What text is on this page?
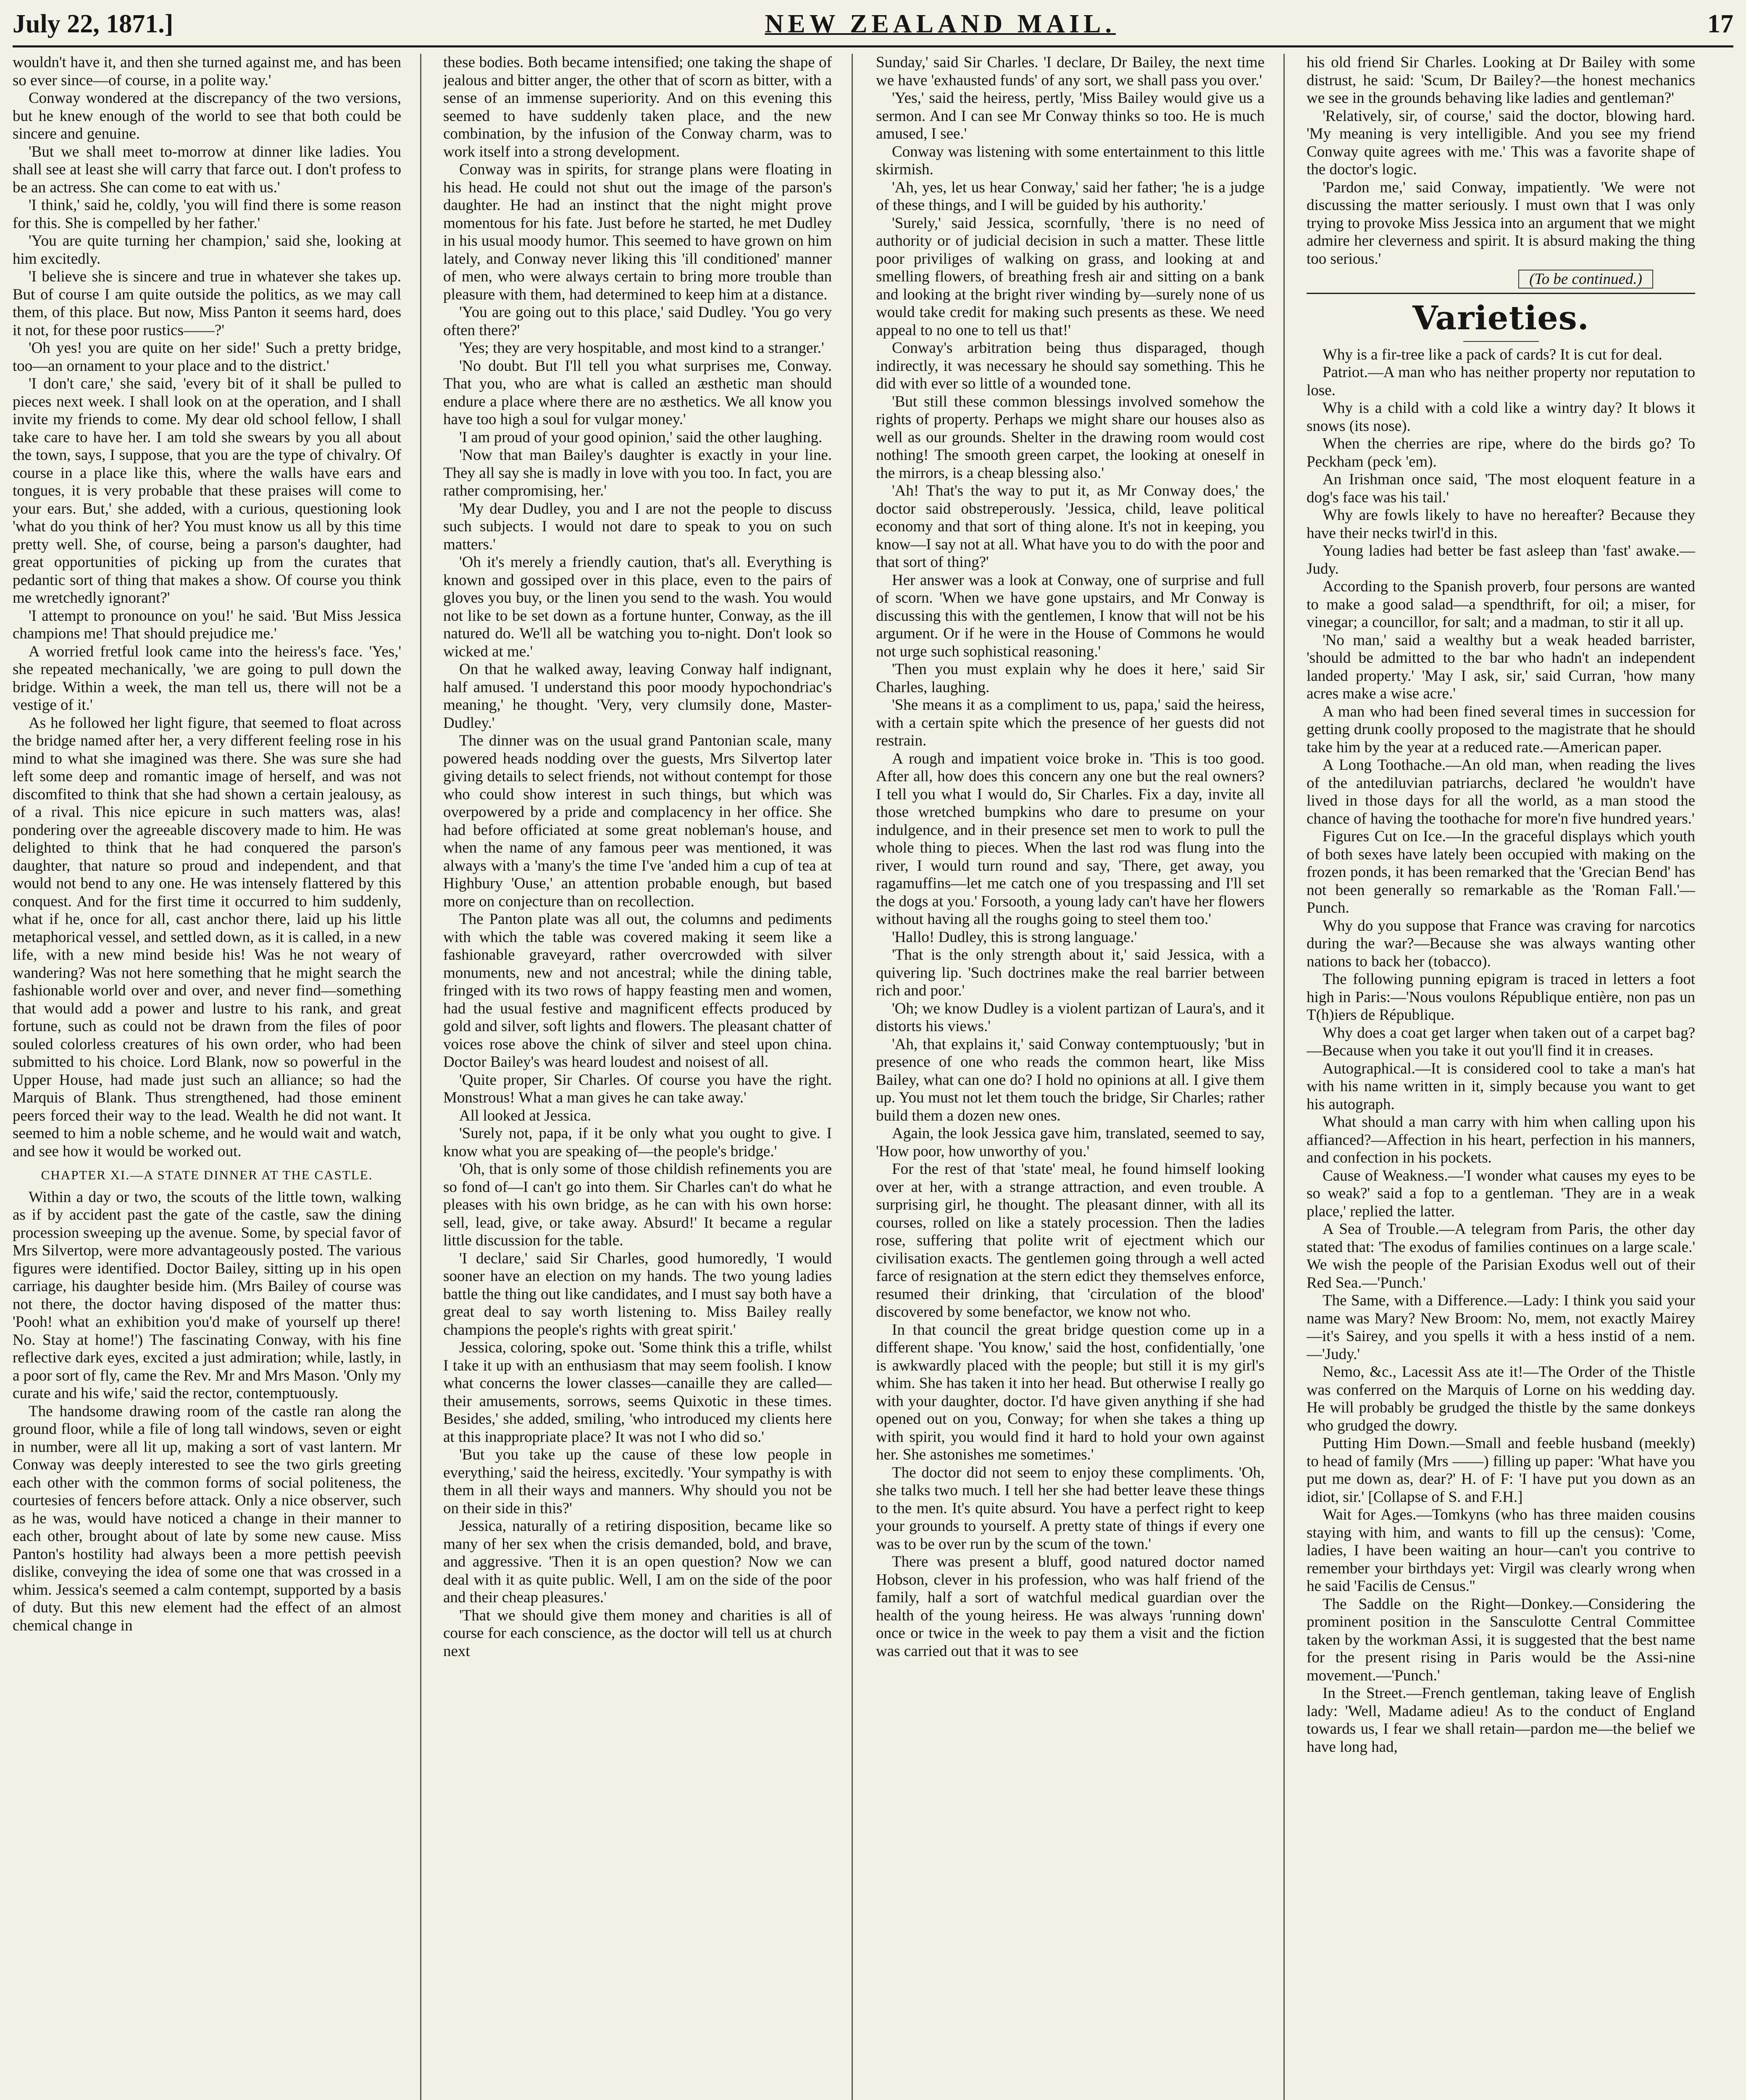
July 22, 1871.]	NEW ZEALAND MAIL.	17

wouldn't have it, and then she turned against me, and has been so ever since—of course, in a polite way.'

Conway wondered at the discrepancy of the two versions, but he knew enough of the world to see that both could be sincere and genuine.

'But we shall meet to-morrow at dinner like ladies. You shall see at least she will carry that farce out. I don't profess to be an actress. She can come to eat with us.'

'I think,' said he, coldly, 'you will find there is some reason for this. She is compelled by her father.'

'You are quite turning her champion,' said she, looking at him excitedly.

'I believe she is sincere and true in whatever she takes up. But of course I am quite outside the politics, as we may call them, of this place. But now, Miss Panton it seems hard, does it not, for these poor rustics——?'

'Oh yes! you are quite on her side!' Such a pretty bridge, too—an ornament to your place and to the district.'

'I don't care,' she said, 'every bit of it shall be pulled to pieces next week. I shall look on at the operation, and I shall invite my friends to come. My dear old school fellow, I shall take care to have her. I am told she swears by you all about the town, says, I suppose, that you are the type of chivalry. Of course in a place like this, where the walls have ears and tongues, it is very probable that these praises will come to your ears. But,' she added, with a curious, questioning look 'what do you think of her? You must know us all by this time pretty well. She, of course, being a parson's daughter, had great opportunities of picking up from the curates that pedantic sort of thing that makes a show. Of course you think me wretchedly ignorant?'

'I attempt to pronounce on you!' he said. 'But Miss Jessica champions me! That should prejudice me.'

A worried fretful look came into the heiress's face. 'Yes,' she repeated mechanically, 'we are going to pull down the bridge. Within a week, the man tell us, there will not be a vestige of it.'

As he followed her light figure, that seemed to float across the bridge named after her, a very different feeling rose in his mind to what she imagined was there. She was sure she had left some deep and romantic image of herself, and was not discomfited to think that she had shown a certain jealousy, as of a rival. This nice epicure in such matters was, alas! pondering over the agreeable discovery made to him. He was delighted to think that he had conquered the parson's daughter, that nature so proud and independent, and that would not bend to any one. He was intensely flattered by this conquest. And for the first time it occurred to him suddenly, what if he, once for all, cast anchor there, laid up his little metaphorical vessel, and settled down, as it is called, in a new life, with a new mind beside his! Was he not weary of wandering? Was not here something that he might search the fashionable world over and over, and never find—something that would add a power and lustre to his rank, and great fortune, such as could not be drawn from the files of poor souled colorless creatures of his own order, who had been submitted to his choice. Lord Blank, now so powerful in the Upper House, had made just such an alliance; so had the Marquis of Blank. Thus strengthened, had those eminent peers forced their way to the lead. Wealth he did not want. It seemed to him a noble scheme, and he would wait and watch, and see how it would be worked out.

CHAPTER XI.—A STATE DINNER AT THE CASTLE.

Within a day or two, the scouts of the little town, walking as if by accident past the gate of the castle, saw the dining procession sweeping up the avenue. Some, by special favor of Mrs Silvertop, were more advantageously posted. The various figures were identified. Doctor Bailey, sitting up in his open carriage, his daughter beside him. (Mrs Bailey of course was not there, the doctor having disposed of the matter thus: 'Pooh! what an exhibition you'd make of yourself up there! No. Stay at home!') The fascinating Conway, with his fine reflective dark eyes, excited a just admiration; while, lastly, in a poor sort of fly, came the Rev. Mr and Mrs Mason. 'Only my curate and his wife,' said the rector, contemptuously.

The handsome drawing room of the castle ran along the ground floor, while a file of long tall windows, seven or eight in number, were all lit up, making a sort of vast lantern. Mr Conway was deeply interested to see the two girls greeting each other with the common forms of social politeness, the courtesies of fencers before attack. Only a nice observer, such as he was, would have noticed a change in their manner to each other, brought about of late by some new cause. Miss Panton's hostility had always been a more pettish peevish dislike, conveying the idea of some one that was crossed in a whim. Jessica's seemed a calm contempt, supported by a basis of duty. But this new element had the effect of an almost chemical change in

these bodies. Both became intensified; one taking the shape of jealous and bitter anger, the other that of scorn as bitter, with a sense of an immense superiority. And on this evening this seemed to have suddenly taken place, and the new combination, by the infusion of the Conway charm, was to work itself into a strong development.

Conway was in spirits, for strange plans were floating in his head. He could not shut out the image of the parson's daughter. He had an instinct that the night might prove momentous for his fate. Just before he started, he met Dudley in his usual moody humor. This seemed to have grown on him lately, and Conway never liking this 'ill conditioned' manner of men, who were always certain to bring more trouble than pleasure with them, had determined to keep him at a distance.

'You are going out to this place,' said Dudley. 'You go very often there?'

'Yes; they are very hospitable, and most kind to a stranger.'

'No doubt. But I'll tell you what surprises me, Conway. That you, who are what is called an æsthetic man should endure a place where there are no æsthetics. We all know you have too high a soul for vulgar money.'

'I am proud of your good opinion,' said the other laughing.

'Now that man Bailey's daughter is exactly in your line. They all say she is madly in love with you too. In fact, you are rather compromising, her.'

'My dear Dudley, you and I are not the people to discuss such subjects. I would not dare to speak to you on such matters.'

'Oh it's merely a friendly caution, that's all. Everything is known and gossiped over in this place, even to the pairs of gloves you buy, or the linen you send to the wash. You would not like to be set down as a fortune hunter, Conway, as the ill natured do. We'll all be watching you to-night. Don't look so wicked at me.'

On that he walked away, leaving Conway half indignant, half amused. 'I understand this poor moody hypochondriac's meaning,' he thought. 'Very, very clumsily done, Master-Dudley.'

The dinner was on the usual grand Pantonian scale, many powered heads nodding over the guests, Mrs Silvertop later giving details to select friends, not without contempt for those who could show interest in such things, but which was overpowered by a pride and complacency in her office. She had before officiated at some great nobleman's house, and when the name of any famous peer was mentioned, it was always with a 'many's the time I've 'anded him a cup of tea at Highbury 'Ouse,' an attention probable enough, but based more on conjecture than on recollection.

The Panton plate was all out, the columns and pediments with which the table was covered making it seem like a fashionable graveyard, rather overcrowded with silver monuments, new and not ancestral; while the dining table, fringed with its two rows of happy feasting men and women, had the usual festive and magnificent effects produced by gold and silver, soft lights and flowers. The pleasant chatter of voices rose above the chink of silver and steel upon china. Doctor Bailey's was heard loudest and noisest of all.

'Quite proper, Sir Charles. Of course you have the right. Monstrous! What a man gives he can take away.'

All looked at Jessica.

'Surely not, papa, if it be only what you ought to give. I know what you are speaking of—the people's bridge.'

'Oh, that is only some of those childish refinements you are so fond of—I can't go into them. Sir Charles can't do what he pleases with his own bridge, as he can with his own horse: sell, lead, give, or take away. Absurd!' It became a regular little discussion for the table.

'I declare,' said Sir Charles, good humoredly, 'I would sooner have an election on my hands. The two young ladies battle the thing out like candidates, and I must say both have a great deal to say worth listening to. Miss Bailey really champions the people's rights with great spirit.'

Jessica, coloring, spoke out. 'Some think this a trifle, whilst I take it up with an enthusiasm that may seem foolish. I know what concerns the lower classes—canaille they are called—their amusements, sorrows, seems Quixotic in these times. Besides,' she added, smiling, 'who introduced my clients here at this inappropriate place? It was not I who did so.'

'But you take up the cause of these low people in everything,' said the heiress, excitedly. 'Your sympathy is with them in all their ways and manners. Why should you not be on their side in this?'

Jessica, naturally of a retiring disposition, became like so many of her sex when the crisis demanded, bold, and brave, and aggressive. 'Then it is an open question? Now we can deal with it as quite public. Well, I am on the side of the poor and their cheap pleasures.'

'That we should give them money and charities is all of course for each conscience, as the doctor will tell us at church next

Sunday,' said Sir Charles. 'I declare, Dr Bailey, the next time we have 'exhausted funds' of any sort, we shall pass you over.'

'Yes,' said the heiress, pertly, 'Miss Bailey would give us a sermon. And I can see Mr Conway thinks so too. He is much amused, I see.'

Conway was listening with some entertainment to this little skirmish.

'Ah, yes, let us hear Conway,' said her father; 'he is a judge of these things, and I will be guided by his authority.'

'Surely,' said Jessica, scornfully, 'there is no need of authority or of judicial decision in such a matter. These little poor priviliges of walking on grass, and looking at and smelling flowers, of breathing fresh air and sitting on a bank and looking at the bright river winding by—surely none of us would take credit for making such presents as these. We need appeal to no one to tell us that!'

Conway's arbitration being thus disparaged, though indirectly, it was necessary he should say something. This he did with ever so little of a wounded tone.

'But still these common blessings involved somehow the rights of property. Perhaps we might share our houses also as well as our grounds. Shelter in the drawing room would cost nothing! The smooth green carpet, the looking at oneself in the mirrors, is a cheap blessing also.'

'Ah! That's the way to put it, as Mr Conway does,' the doctor said obstreperously. 'Jessica, child, leave political economy and that sort of thing alone. It's not in keeping, you know—I say not at all. What have you to do with the poor and that sort of thing?'

Her answer was a look at Conway, one of surprise and full of scorn. 'When we have gone upstairs, and Mr Conway is discussing this with the gentlemen, I know that will not be his argument. Or if he were in the House of Commons he would not urge such sophistical reasoning.'

'Then you must explain why he does it here,' said Sir Charles, laughing.

'She means it as a compliment to us, papa,' said the heiress, with a certain spite which the presence of her guests did not restrain.

A rough and impatient voice broke in. 'This is too good. After all, how does this concern any one but the real owners? I tell you what I would do, Sir Charles. Fix a day, invite all those wretched bumpkins who dare to presume on your indulgence, and in their presence set men to work to pull the whole thing to pieces. When the last rod was flung into the river, I would turn round and say, 'There, get away, you ragamuffins—let me catch one of you trespassing and I'll set the dogs at you.' Forsooth, a young lady can't have her flowers without having all the roughs going to steel them too.'

'Hallo! Dudley, this is strong language.'

'That is the only strength about it,' said Jessica, with a quivering lip. 'Such doctrines make the real barrier between rich and poor.'

'Oh; we know Dudley is a violent partizan of Laura's, and it distorts his views.'

'Ah, that explains it,' said Conway contemptuously; 'but in presence of one who reads the common heart, like Miss Bailey, what can one do? I hold no opinions at all. I give them up. You must not let them touch the bridge, Sir Charles; rather build them a dozen new ones.

Again, the look Jessica gave him, translated, seemed to say, 'How poor, how unworthy of you.'

For the rest of that 'state' meal, he found himself looking over at her, with a strange attraction, and even trouble. A surprising girl, he thought. The pleasant dinner, with all its courses, rolled on like a stately procession. Then the ladies rose, suffering that polite writ of ejectment which our civilisation exacts. The gentlemen going through a well acted farce of resignation at the stern edict they themselves enforce, resumed their drinking, that 'circulation of the blood' discovered by some benefactor, we know not who.

In that council the great bridge question come up in a different shape. 'You know,' said the host, confidentially, 'one is awkwardly placed with the people; but still it is my girl's whim. She has taken it into her head. But otherwise I really go with your daughter, doctor. I'd have given anything if she had opened out on you, Conway; for when she takes a thing up with spirit, you would find it hard to hold your own against her. She astonishes me sometimes.'

The doctor did not seem to enjoy these compliments. 'Oh, she talks two much. I tell her she had better leave these things to the men. It's quite absurd. You have a perfect right to keep your grounds to yourself. A pretty state of things if every one was to be over run by the scum of the town.'

There was present a bluff, good natured doctor named Hobson, clever in his profession, who was half friend of the family, half a sort of watchful medical guardian over the health of the young heiress. He was always 'running down' once or twice in the week to pay them a visit and the fiction was carried out that it was to see

his old friend Sir Charles. Looking at Dr Bailey with some distrust, he said: 'Scum, Dr Bailey?—the honest mechanics we see in the grounds behaving like ladies and gentleman?'

'Relatively, sir, of course,' said the doctor, blowing hard. 'My meaning is very intelligible. And you see my friend Conway quite agrees with me.' This was a favorite shape of the doctor's logic.

'Pardon me,' said Conway, impatiently. 'We were not discussing the matter seriously. I must own that I was only trying to provoke Miss Jessica into an argument that we might admire her cleverness and spirit. It is absurd making the thing too serious.'

(To be continued.)
Varieties.

Why is a fir-tree like a pack of cards? It is cut for deal.

Patriot.—A man who has neither property nor reputation to lose.

Why is a child with a cold like a wintry day? It blows it snows (its nose).

When the cherries are ripe, where do the birds go? To Peckham (peck 'em).

An Irishman once said, 'The most eloquent feature in a dog's face was his tail.'

Why are fowls likely to have no hereafter? Because they have their necks twirl'd in this.

Young ladies had better be fast asleep than 'fast' awake.—Judy.

According to the Spanish proverb, four persons are wanted to make a good salad—a spendthrift, for oil; a miser, for vinegar; a councillor, for salt; and a madman, to stir it all up.

'No man,' said a wealthy but a weak headed barrister, 'should be admitted to the bar who hadn't an independent landed property.' 'May I ask, sir,' said Curran, 'how many acres make a wise acre.'

A man who had been fined several times in succession for getting drunk coolly proposed to the magistrate that he should take him by the year at a reduced rate.—American paper.

A Long Toothache.—An old man, when reading the lives of the antediluvian patriarchs, declared 'he wouldn't have lived in those days for all the world, as a man stood the chance of having the toothache for more'n five hundred years.'

Figures Cut on Ice.—In the graceful displays which youth of both sexes have lately been occupied with making on the frozen ponds, it has been remarked that the 'Grecian Bend' has not been generally so remarkable as the 'Roman Fall.'—Punch.

Why do you suppose that France was craving for narcotics during the war?—Because she was always wanting other nations to back her (tobacco).

The following punning epigram is traced in letters a foot high in Paris:—'Nous voulons République entière, non pas un T(h)iers de République.

Why does a coat get larger when taken out of a carpet bag?—Because when you take it out you'll find it in creases.

Autographical.—It is considered cool to take a man's hat with his name written in it, simply because you want to get his autograph.

What should a man carry with him when calling upon his affianced?—Affection in his heart, perfection in his manners, and confection in his pockets.

Cause of Weakness.—'I wonder what causes my eyes to be so weak?' said a fop to a gentleman. 'They are in a weak place,' replied the latter.

A Sea of Trouble.—A telegram from Paris, the other day stated that: 'The exodus of families continues on a large scale.' We wish the people of the Parisian Exodus well out of their Red Sea.—'Punch.'

The Same, with a Difference.—Lady: I think you said your name was Mary? New Broom: No, mem, not exactly Mairey—it's Sairey, and you spells it with a hess instid of a nem.—'Judy.'

Nemo, &c., Lacessit Ass ate it!—The Order of the Thistle was conferred on the Marquis of Lorne on his wedding day. He will probably be grudged the thistle by the same donkeys who grudged the dowry.

Putting Him Down.—Small and feeble husband (meekly) to head of family (Mrs ——) filling up paper: 'What have you put me down as, dear?' H. of F: 'I have put you down as an idiot, sir.' [Collapse of S. and F.H.]

Wait for Ages.—Tomkyns (who has three maiden cousins staying with him, and wants to fill up the census): 'Come, ladies, I have been waiting an hour—can't you contrive to remember your birthdays yet: Virgil was clearly wrong when he said 'Facilis de Census.''

The Saddle on the Right—Donkey.—Considering the prominent position in the Sansculotte Central Committee taken by the workman Assi, it is suggested that the best name for the present rising in Paris would be the Assi-nine movement.—'Punch.'

In the Street.—French gentleman, taking leave of English lady: 'Well, Madame adieu! As to the conduct of England towards us, I fear we shall retain—pardon me—the belief we have long had,
